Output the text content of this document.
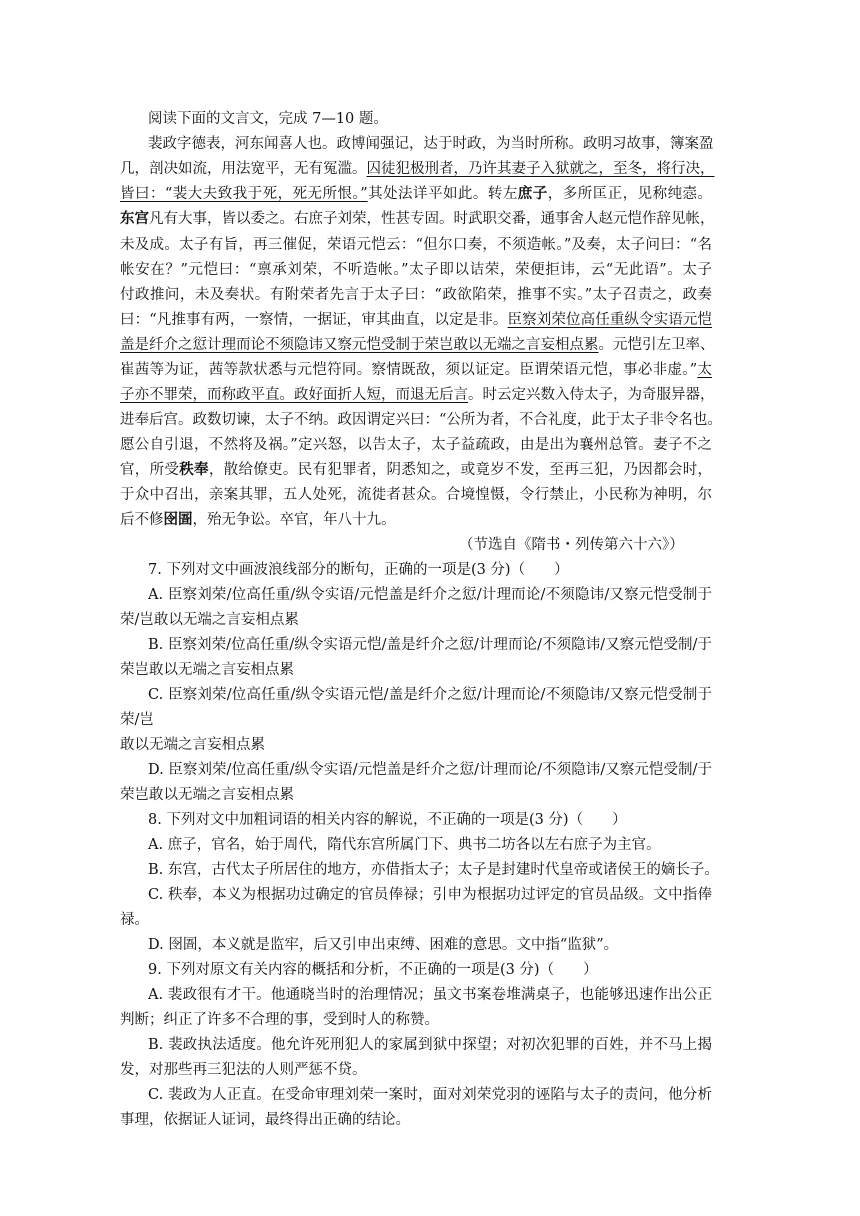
阅读下面的文言文，完成 7—10 题。
裴政字德表，河东闻喜人也。政博闻强记，达于时政，为当时所称。政明习故事，簿案盈
几，剖决如流，用法宽平，无有冤滥。囚徒犯极刑者，乃许其妻子入狱就之，至冬，将行决，
皆曰：“裴大夫致我于死，死无所恨。”其处法详平如此。转左庶子，多所匡正，见称纯悫。
东宫凡有大事，皆以委之。右庶子刘荣，性甚专固。时武职交番，通事舍人赵元恺作辞见帐，
未及成。太子有旨，再三催促，荣语元恺云：“但尔口奏，不须造帐。”及奏，太子问曰：“名
帐安在？”元恺曰：“禀承刘荣，不听造帐。”太子即以诘荣，荣便拒讳，云“无此语”。太子
付政推问，未及奏状。有附荣者先言于太子曰：“政欲陷荣，推事不实。”太子召责之，政奏
曰：“凡推事有两，一察情，一据证，审其曲直，以定是非。臣察刘荣位高任重纵令实语元恺
盖是纤介之愆计理而论不须隐讳又察元恺受制于荣岂敢以无端之言妄相点累。元恺引左卫率、
崔茜等为证，茜等款状悉与元恺符同。察情既敌，须以证定。臣谓荣语元恺，事必非虚。”太
子亦不罪荣，而称政平直。政好面折人短，而退无后言。时云定兴数入侍太子，为奇服异器，
进奉后宫。政数切谏，太子不纳。政因谓定兴曰：“公所为者，不合礼度，此于太子非令名也。
愿公自引退，不然将及祸。”定兴怒，以告太子，太子益疏政，由是出为襄州总管。妻子不之
官，所受秩奉，散给僚吏。民有犯罪者，阴悉知之，或竟岁不发，至再三犯，乃因都会时，
于众中召出，亲案其罪，五人处死，流徙者甚众。合境惶慑，令行禁止，小民称为神明，尔
后不修囹圄，殆无争讼。卒官，年八十九。
（节选自《隋书・列传第六十六》）
7. 下列对文中画波浪线部分的断句，正确的一项是(3 分)（　　）
A. 臣察刘荣/位高任重/纵令实语/元恺盖是纤介之愆/计理而论/不须隐讳/又察元恺受制于
荣/岂敢以无端之言妄相点累
B. 臣察刘荣/位高任重/纵令实语元恺/盖是纤介之愆/计理而论/不须隐讳/又察元恺受制/于
荣岂敢以无端之言妄相点累
C. 臣察刘荣/位高任重/纵令实语元恺/盖是纤介之愆/计理而论/不须隐讳/又察元恺受制于
荣/岂
敢以无端之言妄相点累
D. 臣察刘荣/位高任重/纵令实语/元恺盖是纤介之愆/计理而论/不须隐讳/又察元恺受制/于
荣岂敢以无端之言妄相点累
8. 下列对文中加粗词语的相关内容的解说，不正确的一项是(3 分)（　　）
A. 庶子，官名，始于周代，隋代东宫所属门下、典书二坊各以左右庶子为主官。
B. 东宫，古代太子所居住的地方，亦借指太子；太子是封建时代皇帝或诸侯王的嫡长子。
C. 秩奉，本义为根据功过确定的官员俸禄；引申为根据功过评定的官员品级。文中指俸
禄。
D. 囹圄，本义就是监牢，后又引申出束缚、困难的意思。文中指“监狱”。
9. 下列对原文有关内容的概括和分析，不正确的一项是(3 分)（　　）
A. 裴政很有才干。他通晓当时的治理情况；虽文书案卷堆满桌子，也能够迅速作出公正
判断；纠正了许多不合理的事，受到时人的称赞。
B. 裴政执法适度。他允许死刑犯人的家属到狱中探望；对初次犯罪的百姓，并不马上揭
发，对那些再三犯法的人则严惩不贷。
C. 裴政为人正直。在受命审理刘荣一案时，面对刘荣党羽的诬陷与太子的责问，他分析
事理，依据证人证词，最终得出正确的结论。
